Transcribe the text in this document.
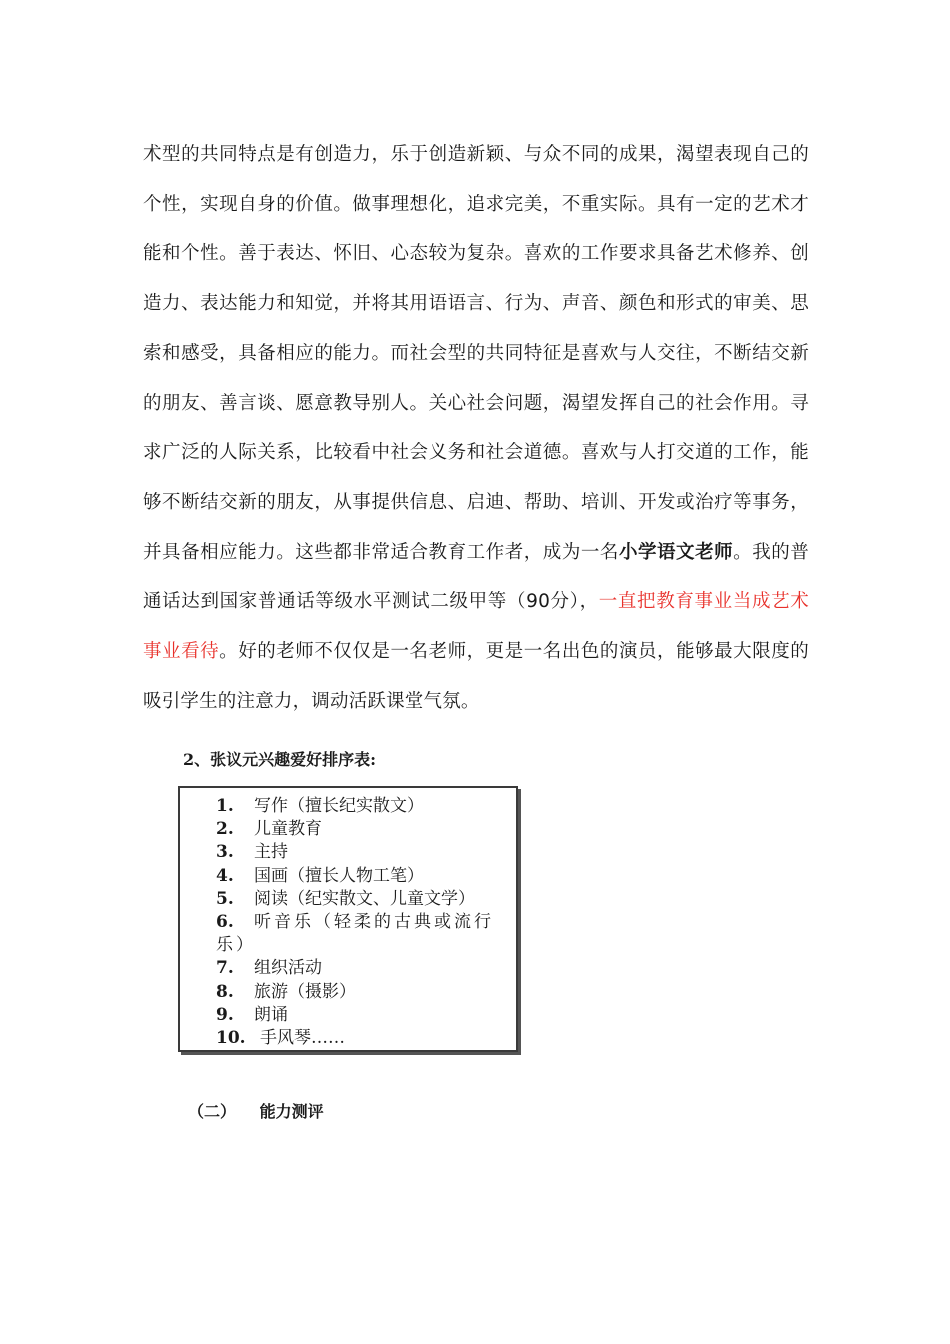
术型的共同特点是有创造力，乐于创造新颖、与众不同的成果，渴望表现自己的个性，实现自身的价值。做事理想化，追求完美，不重实际。具有一定的艺术才能和个性。善于表达、怀旧、心态较为复杂。喜欢的工作要求具备艺术修养、创造力、表达能力和知觉，并将其用语语言、行为、声音、颜色和形式的审美、思索和感受，具备相应的能力。而社会型的共同特征是喜欢与人交往，不断结交新的朋友、善言谈、愿意教导别人。关心社会问题，渴望发挥自己的社会作用。寻求广泛的人际关系，比较看中社会义务和社会道德。喜欢与人打交道的工作，能够不断结交新的朋友，从事提供信息、启迪、帮助、培训、开发或治疗等事务，并具备相应能力。这些都非常适合教育工作者，成为一名小学语文老师。我的普通话达到国家普通话等级水平测试二级甲等（90分），一直把教育事业当成艺术事业看待。好的老师不仅仅是一名老师，更是一名出色的演员，能够最大限度的吸引学生的注意力，调动活跃课堂气氛。

2、张议元兴趣爱好排序表:

1.	写作（擅长纪实散文）
2.	儿童教育
3.	主持
4.	国画（擅长人物工笔）
5.	阅读（纪实散文、儿童文学）
6. 听音乐（轻柔的古典或流行乐）
7.	组织活动
8.	旅游（摄影）
9.	朗诵
10. 手风琴……

（二） 能力测评
